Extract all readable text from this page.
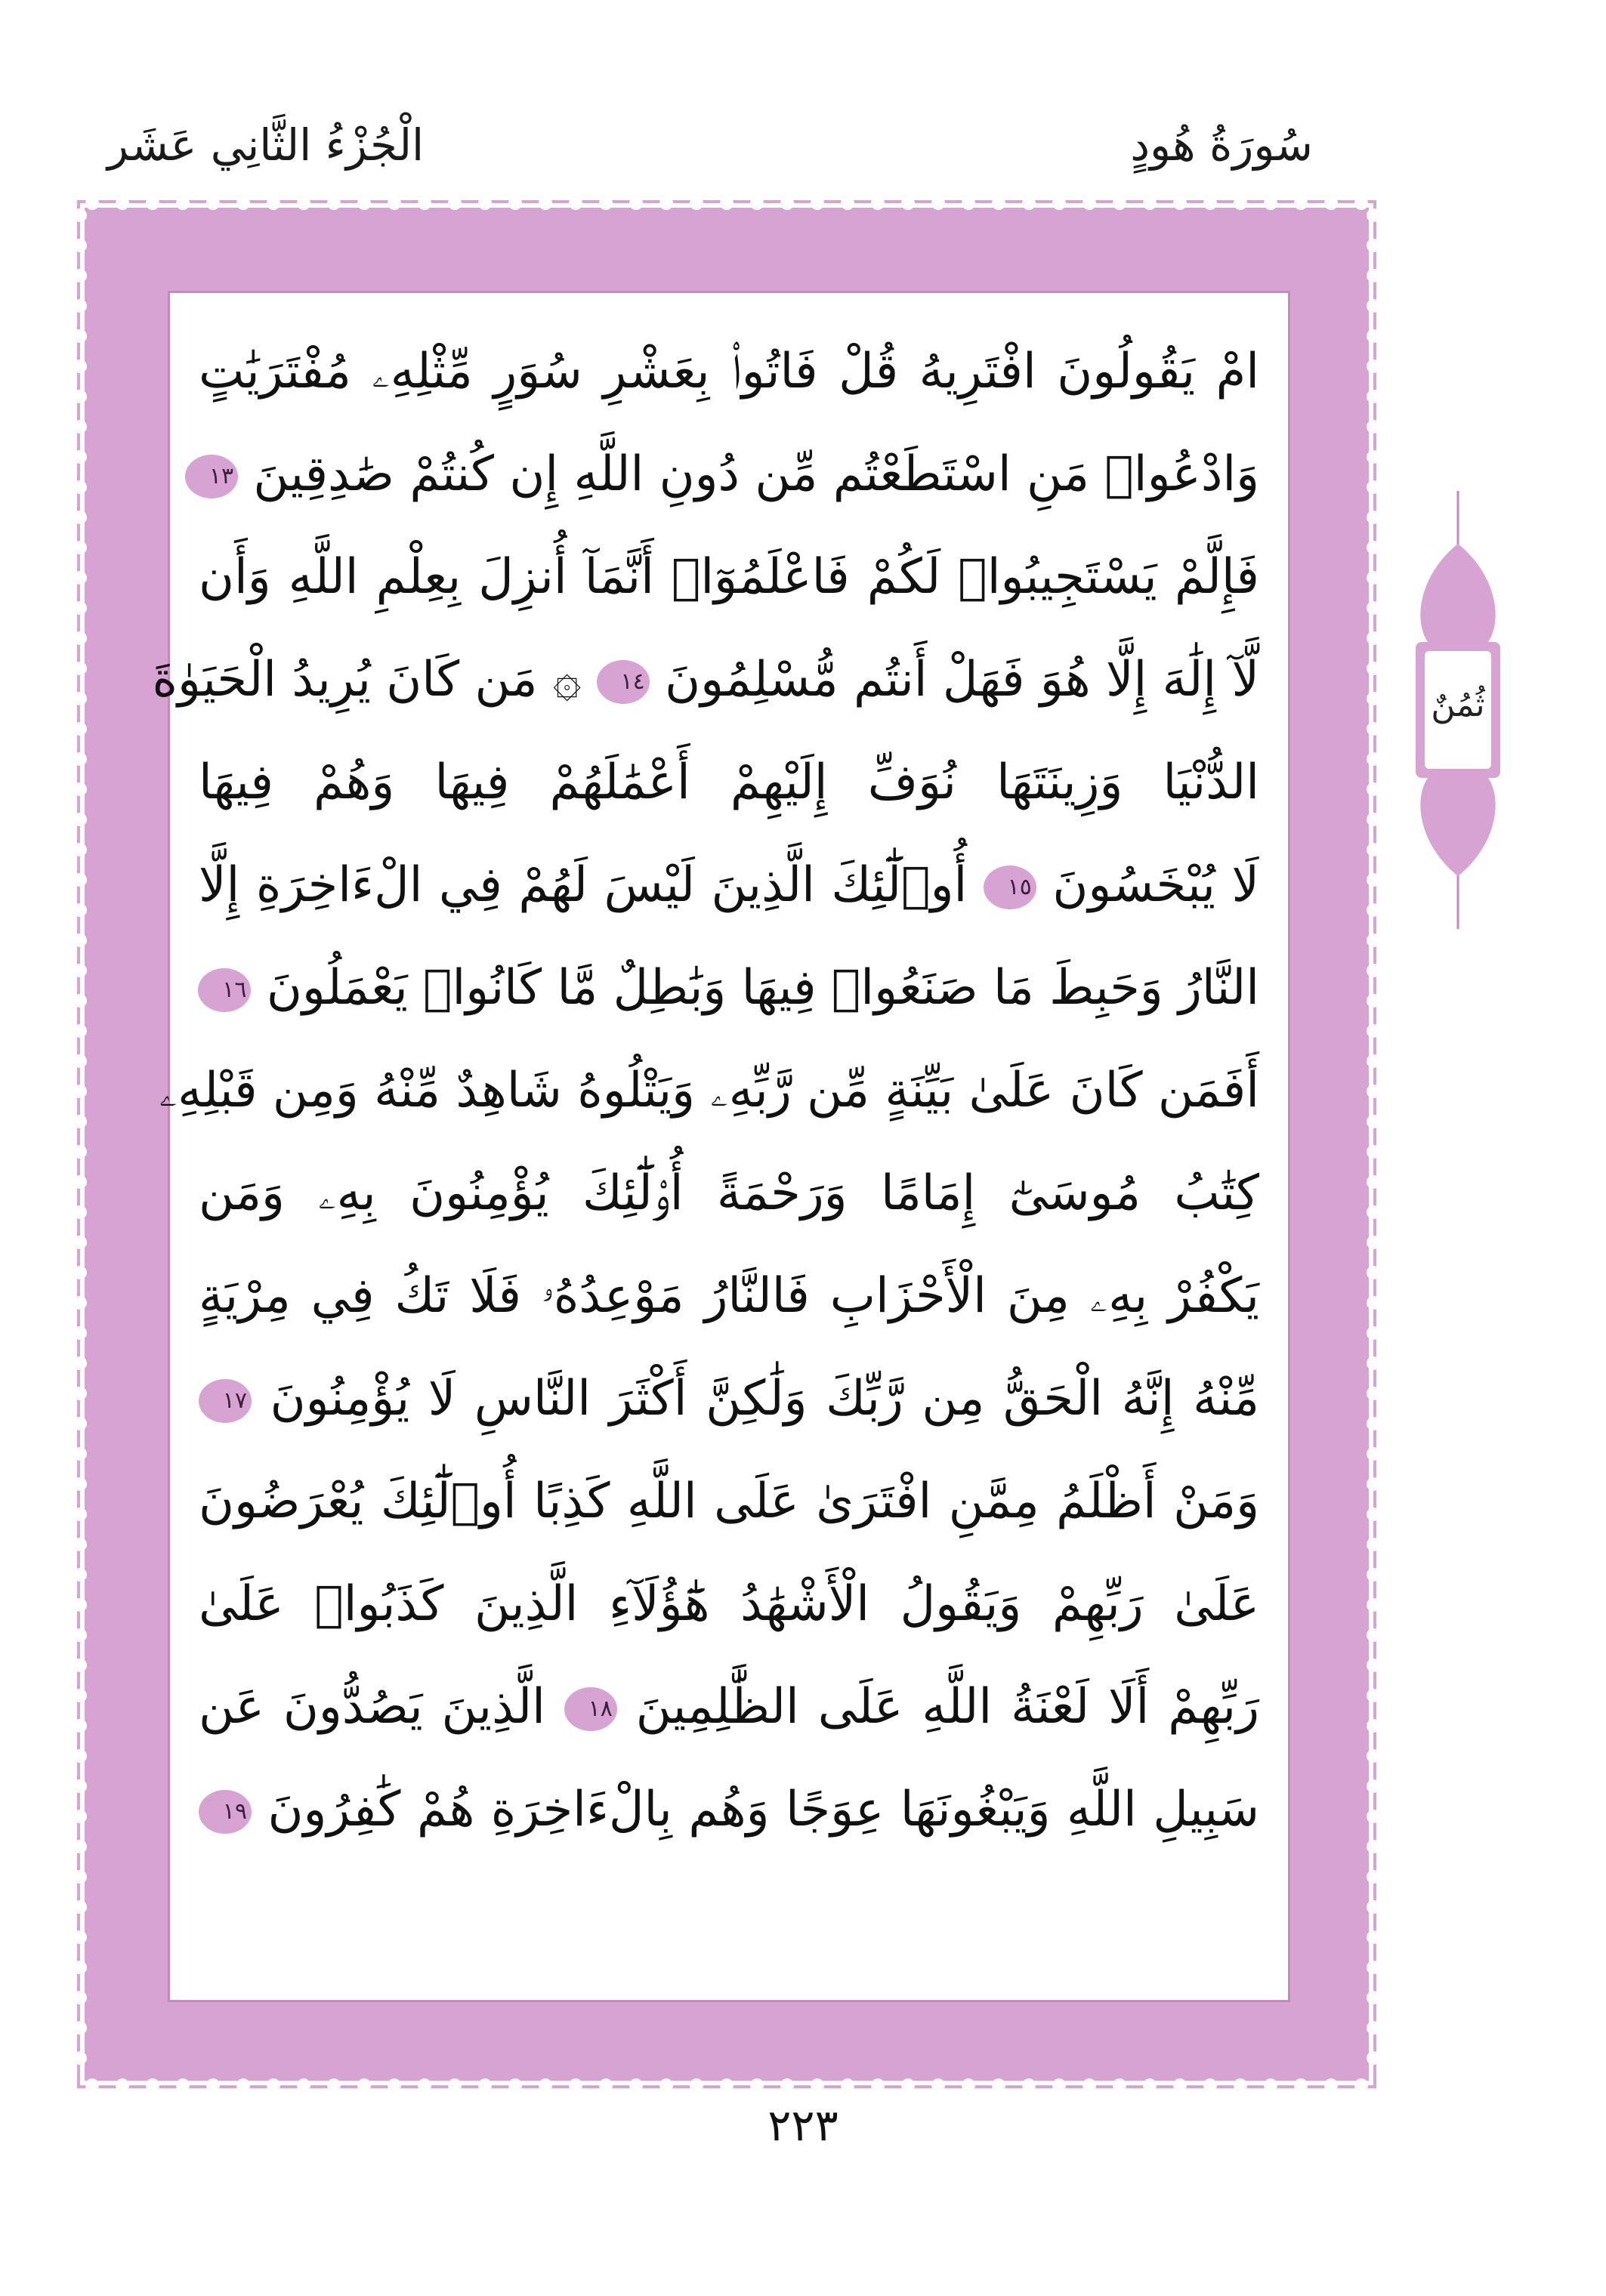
سُورَةُ هُودٍ
الْجُزْءُ الثَّانِي عَشَر
امْ يَقُولُونَ افْتَرِيهُ قُلْ فَاتُوا۟ بِعَشْرِ سُوَرٍ مِّثْلِهِۦ مُفْتَرَيَٰتٍ
وَادْعُوا۟ مَنِ اسْتَطَعْتُم مِّن دُونِ اللَّهِ إِن كُنتُمْ صَٰدِقِينَ ١٣
فَإِلَّمْ يَسْتَجِيبُوا۟ لَكُمْ فَاعْلَمُوٓا۟ أَنَّمَآ أُنزِلَ بِعِلْمِ اللَّهِ وَأَن
لَّآ إِلَٰهَ إِلَّا هُوَ فَهَلْ أَنتُم مُّسْلِمُونَ ١٤ ۞ مَن كَانَ يُرِيدُ الْحَيَوٰةَ
الدُّنْيَا وَزِينَتَهَا نُوَفِّ إِلَيْهِمْ أَعْمَٰلَهُمْ فِيهَا وَهُمْ فِيهَا
لَا يُبْخَسُونَ ١٥ أُو۟لَٰٓئِكَ الَّذِينَ لَيْسَ لَهُمْ فِي الْءَاخِرَةِ إِلَّا
النَّارُ وَحَبِطَ مَا صَنَعُوا۟ فِيهَا وَبَٰطِلٌ مَّا كَانُوا۟ يَعْمَلُونَ ١٦
أَفَمَن كَانَ عَلَىٰ بَيِّنَةٍ مِّن رَّبِّهِۦ وَيَتْلُوهُ شَاهِدٌ مِّنْهُ وَمِن قَبْلِهِۦ
كِتَٰبُ مُوسَىٰٓ إِمَامًا وَرَحْمَةً أُو۟لَٰٓئِكَ يُؤْمِنُونَ بِهِۦ وَمَن
يَكْفُرْ بِهِۦ مِنَ الْأَحْزَابِ فَالنَّارُ مَوْعِدُهُۥ فَلَا تَكُ فِي مِرْيَةٍ
مِّنْهُ إِنَّهُ الْحَقُّ مِن رَّبِّكَ وَلَٰكِنَّ أَكْثَرَ النَّاسِ لَا يُؤْمِنُونَ ١٧
وَمَنْ أَظْلَمُ مِمَّنِ افْتَرَىٰ عَلَى اللَّهِ كَذِبًا أُو۟لَٰٓئِكَ يُعْرَضُونَ
عَلَىٰ رَبِّهِمْ وَيَقُولُ الْأَشْهَٰدُ هَٰٓؤُلَآءِ الَّذِينَ كَذَبُوا۟ عَلَىٰ
رَبِّهِمْ أَلَا لَعْنَةُ اللَّهِ عَلَى الظَّٰلِمِينَ ١٨ الَّذِينَ يَصُدُّونَ عَن
سَبِيلِ اللَّهِ وَيَبْغُونَهَا عِوَجًا وَهُم بِالْءَاخِرَةِ هُمْ كَٰفِرُونَ ١٩
ثُمُنٌ
٢٢٣
